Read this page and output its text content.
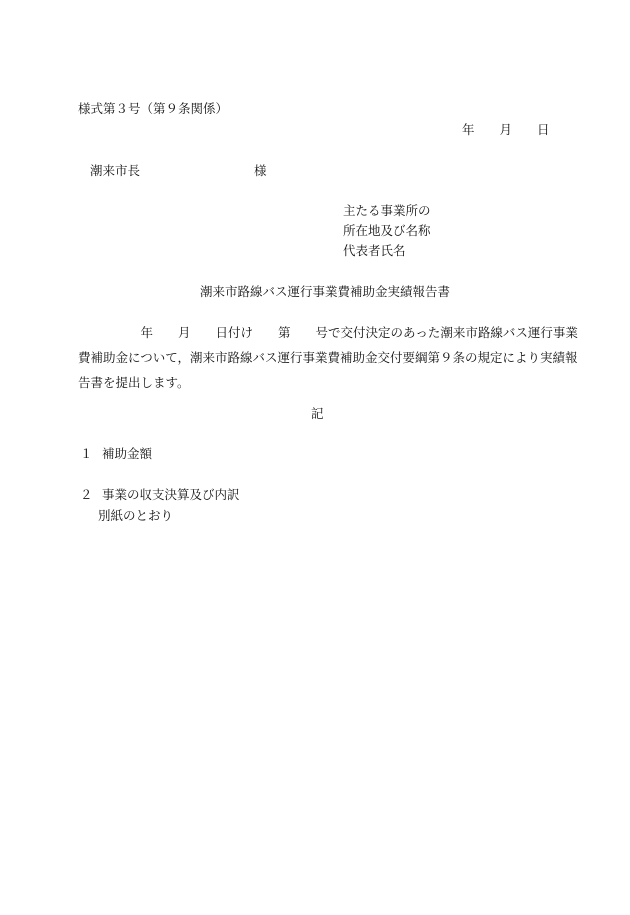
様式第３号（第９条関係）
年　　月　　日
潮来市長	様
主たる事業所の
所在地及び名称
代表者氏名
潮来市路線バス運行事業費補助金実績報告書
　　　　　年　　月　　日付け　　第　　号で交付決定のあった潮来市路線バス運行事業
費補助金について，潮来市路線バス運行事業費補助金交付要綱第９条の規定により実績報
告書を提出します。
記
１ 補助金額
２ 事業の収支決算及び内訳
別紙のとおり
